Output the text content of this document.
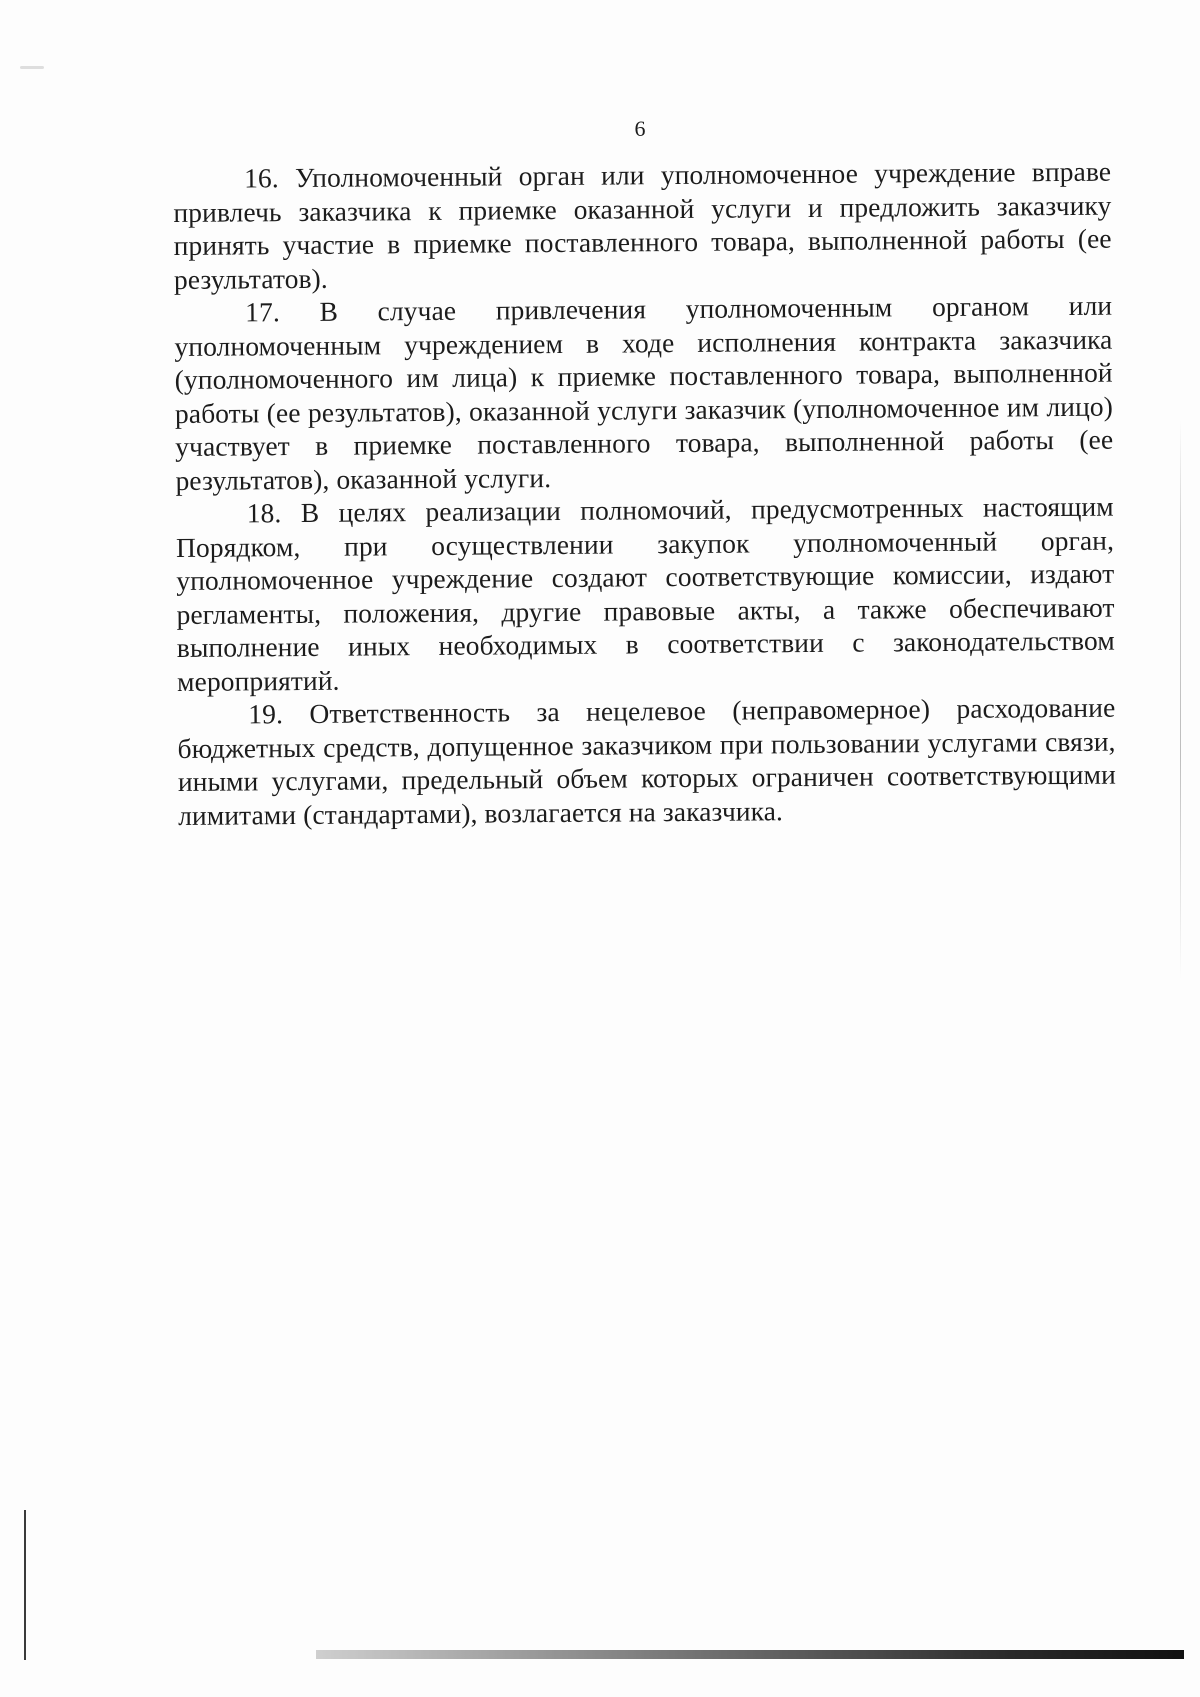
6

16. Уполномоченный орган или уполномоченное учреждение вправе привлечь заказчика к приемке оказанной услуги и предложить заказчику принять участие в приемке поставленного товара, выполненной работы (ее результатов).

17. В случае привлечения уполномоченным органом или уполномоченным учреждением в ходе исполнения контракта заказчика (уполномоченного им лица) к приемке поставленного товара, выполненной работы (ее результатов), оказанной услуги заказчик (уполномоченное им лицо) участвует в приемке поставленного товара, выполненной работы (ее результатов), оказанной услуги.

18. В целях реализации полномочий, предусмотренных настоящим Порядком, при осуществлении закупок уполномоченный орган, уполномоченное учреждение создают соответствующие комиссии, издают регламенты, положения, другие правовые акты, а также обеспечивают выполнение иных необходимых в соответствии с законодательством мероприятий.

19. Ответственность за нецелевое (неправомерное) расходование бюджетных средств, допущенное заказчиком при пользовании услугами связи, иными услугами, предельный объем которых ограничен соответствующими лимитами (стандартами), возлагается на заказчика.
